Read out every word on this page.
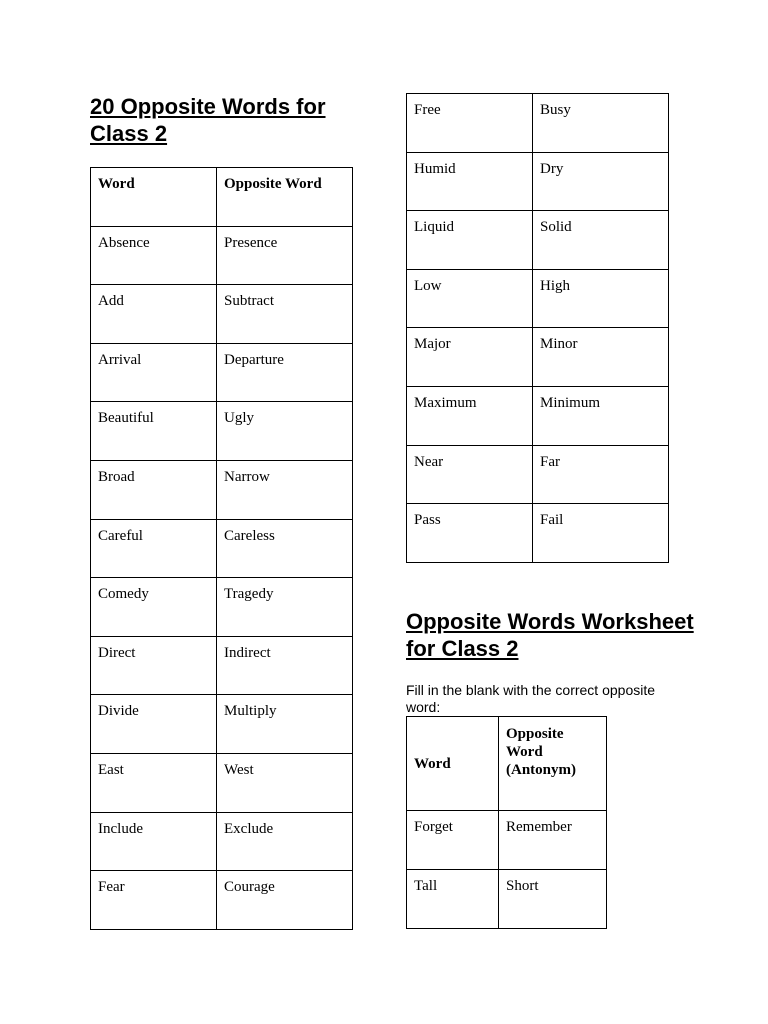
20 Opposite Words for Class 2
Word	Opposite Word
Absence	Presence
Add	Subtract
Arrival	Departure
Beautiful	Ugly
Broad	Narrow
Careful	Careless
Comedy	Tragedy
Direct	Indirect
Divide	Multiply
East	West
Include	Exclude
Fear	Courage
Free	Busy
Humid	Dry
Liquid	Solid
Low	High
Major	Minor
Maximum	Minimum
Near	Far
Pass	Fail
Opposite Words Worksheet for Class 2

Fill in the blank with the correct opposite word:

Word	Opposite Word (Antonym)
Forget	Remember
Tall	Short
